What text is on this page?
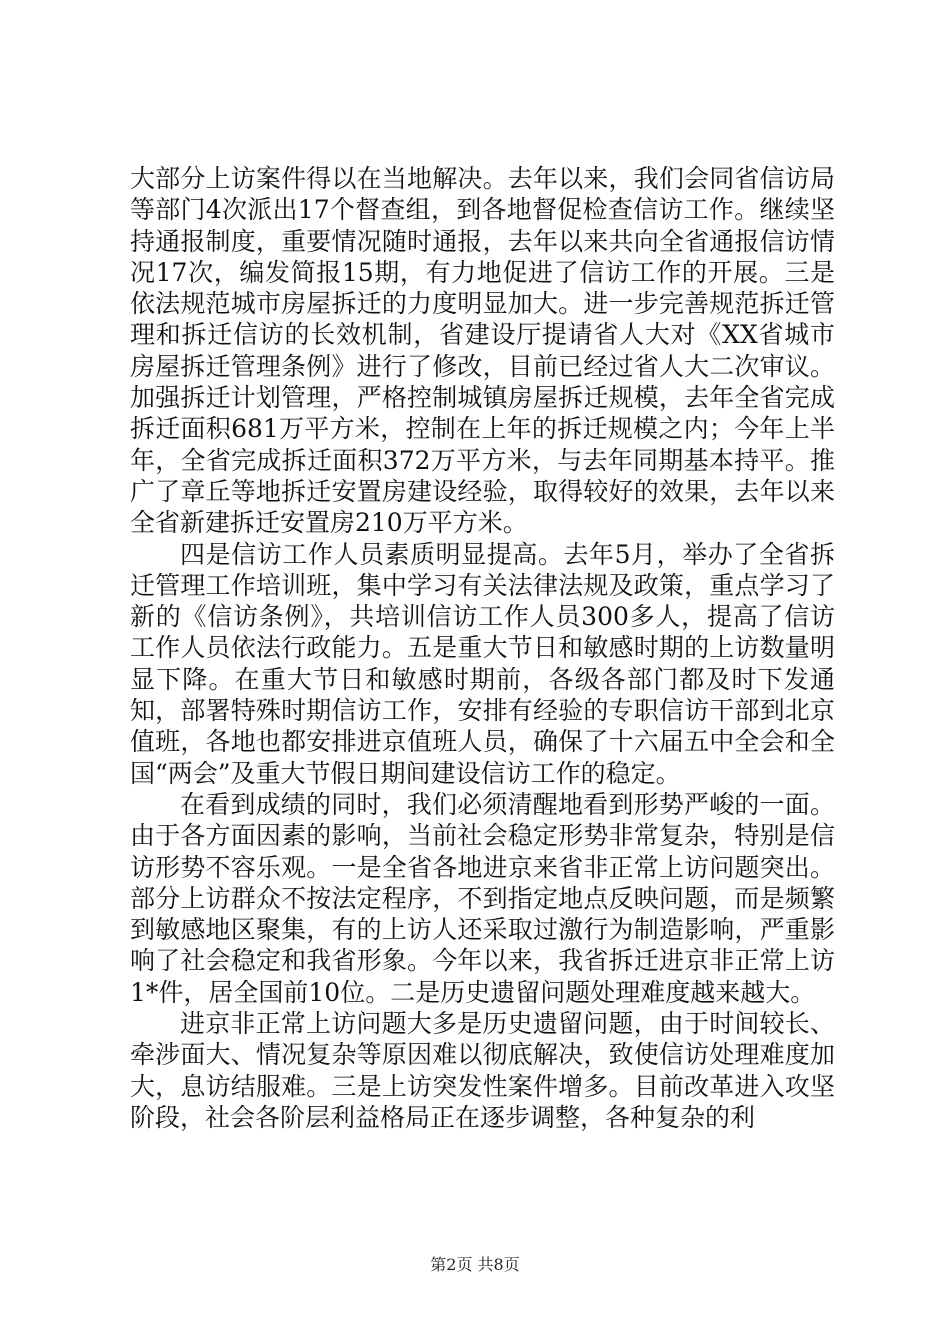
大部分上访案件得以在当地解决。去年以来，我们会同省信访局等部门4次派出17个督查组，到各地督促检查信访工作。继续坚持通报制度，重要情况随时通报，去年以来共向全省通报信访情况17次，编发简报15期，有力地促进了信访工作的开展。三是依法规范城市房屋拆迁的力度明显加大。进一步完善规范拆迁管理和拆迁信访的长效机制，省建设厅提请省人大对《XX省城市房屋拆迁管理条例》进行了修改，目前已经过省人大二次审议。加强拆迁计划管理，严格控制城镇房屋拆迁规模，去年全省完成拆迁面积681万平方米，控制在上年的拆迁规模之内；今年上半年，全省完成拆迁面积372万平方米，与去年同期基本持平。推广了章丘等地拆迁安置房建设经验，取得较好的效果，去年以来全省新建拆迁安置房210万平方米。

四是信访工作人员素质明显提高。去年5月，举办了全省拆迁管理工作培训班，集中学习有关法律法规及政策，重点学习了新的《信访条例》，共培训信访工作人员300多人，提高了信访工作人员依法行政能力。五是重大节日和敏感时期的上访数量明显下降。在重大节日和敏感时期前，各级各部门都及时下发通知，部署特殊时期信访工作，安排有经验的专职信访干部到北京值班，各地也都安排进京值班人员，确保了十六届五中全会和全国“两会”及重大节假日期间建设信访工作的稳定。

在看到成绩的同时，我们必须清醒地看到形势严峻的一面。由于各方面因素的影响，当前社会稳定形势非常复杂，特别是信访形势不容乐观。一是全省各地进京来省非正常上访问题突出。部分上访群众不按法定程序，不到指定地点反映问题，而是频繁到敏感地区聚集，有的上访人还采取过激行为制造影响，严重影响了社会稳定和我省形象。今年以来，我省拆迁进京非正常上访1*件，居全国前10位。二是历史遗留问题处理难度越来越大。

进京非正常上访问题大多是历史遗留问题，由于时间较长、牵涉面大、情况复杂等原因难以彻底解决，致使信访处理难度加大，息访结服难。三是上访突发性案件增多。目前改革进入攻坚阶段，社会各阶层利益格局正在逐步调整，各种复杂的利

第2页 共8页
